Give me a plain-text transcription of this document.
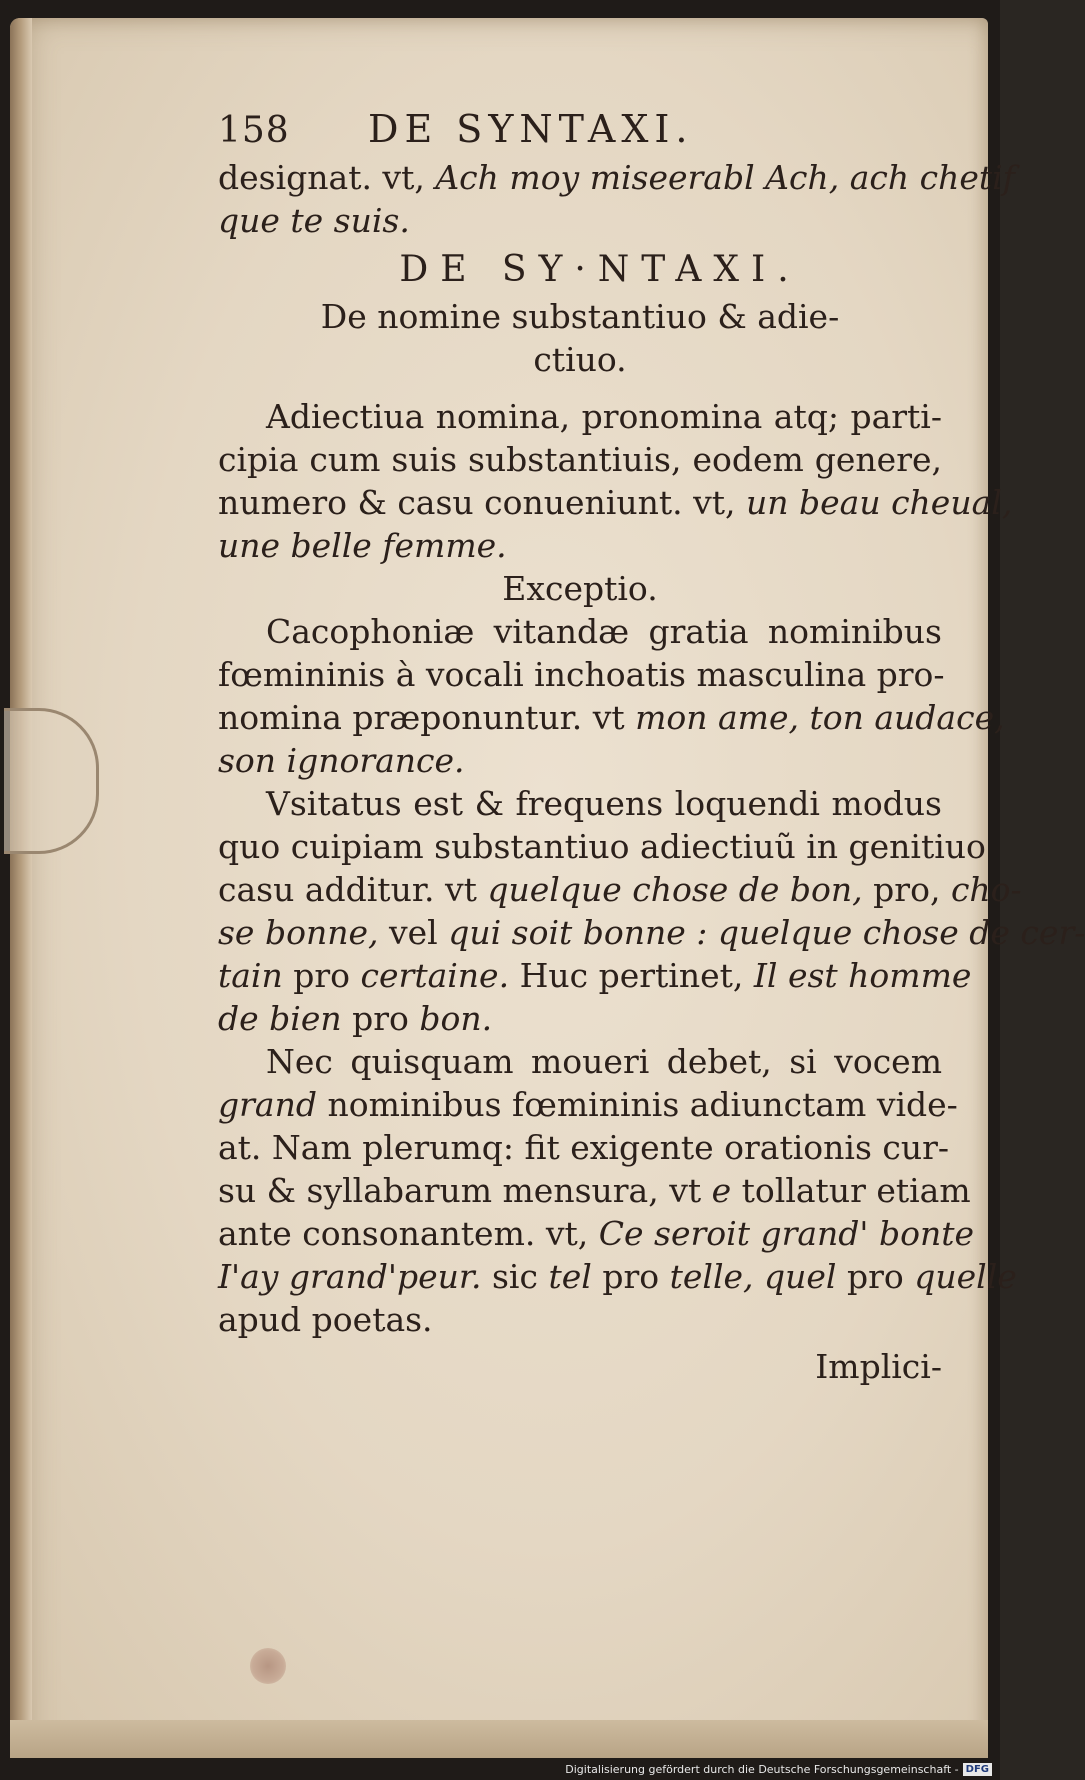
158	DE SYNTAXI.
designat. vt, Ach moy miseerabl Ach, ach chetif
que te suis.
DE SY·NTAXI.
De nomine substantiuo & adie-
ctiuo.
Adiectiua nomina, pronomina atq; parti-
cipia cum suis substantiuis, eodem genere,
numero & casu conueniunt. vt, un beau cheual,
une belle femme.
Exceptio.
Cacophoniæ vitandæ gratia nominibus
fœmininis à vocali inchoatis masculina pro-
nomina præponuntur. vt mon ame, ton audace,
son ignorance.
Vsitatus est & frequens loquendi modus
quo cuipiam substantiuo adiectiuũ in genitiuo
casu additur. vt quelque chose de bon, pro, cho-
se bonne, vel qui soit bonne : quelque chose de cer-
tain pro certaine. Huc pertinet, Il est homme
de bien pro bon.
Nec quisquam moueri debet, si vocem
grand nominibus fœmininis adiunctam vide-
at. Nam plerumq: fit exigente orationis cur-
su & syllabarum mensura, vt e tollatur etiam
ante consonantem. vt, Ce seroit grand' bonte
I'ay grand'peur. sic tel pro telle, quel pro quelle
apud poetas.
Implici-
Digitalisierung gefördert durch die Deutsche Forschungsgemeinschaft - DFG
